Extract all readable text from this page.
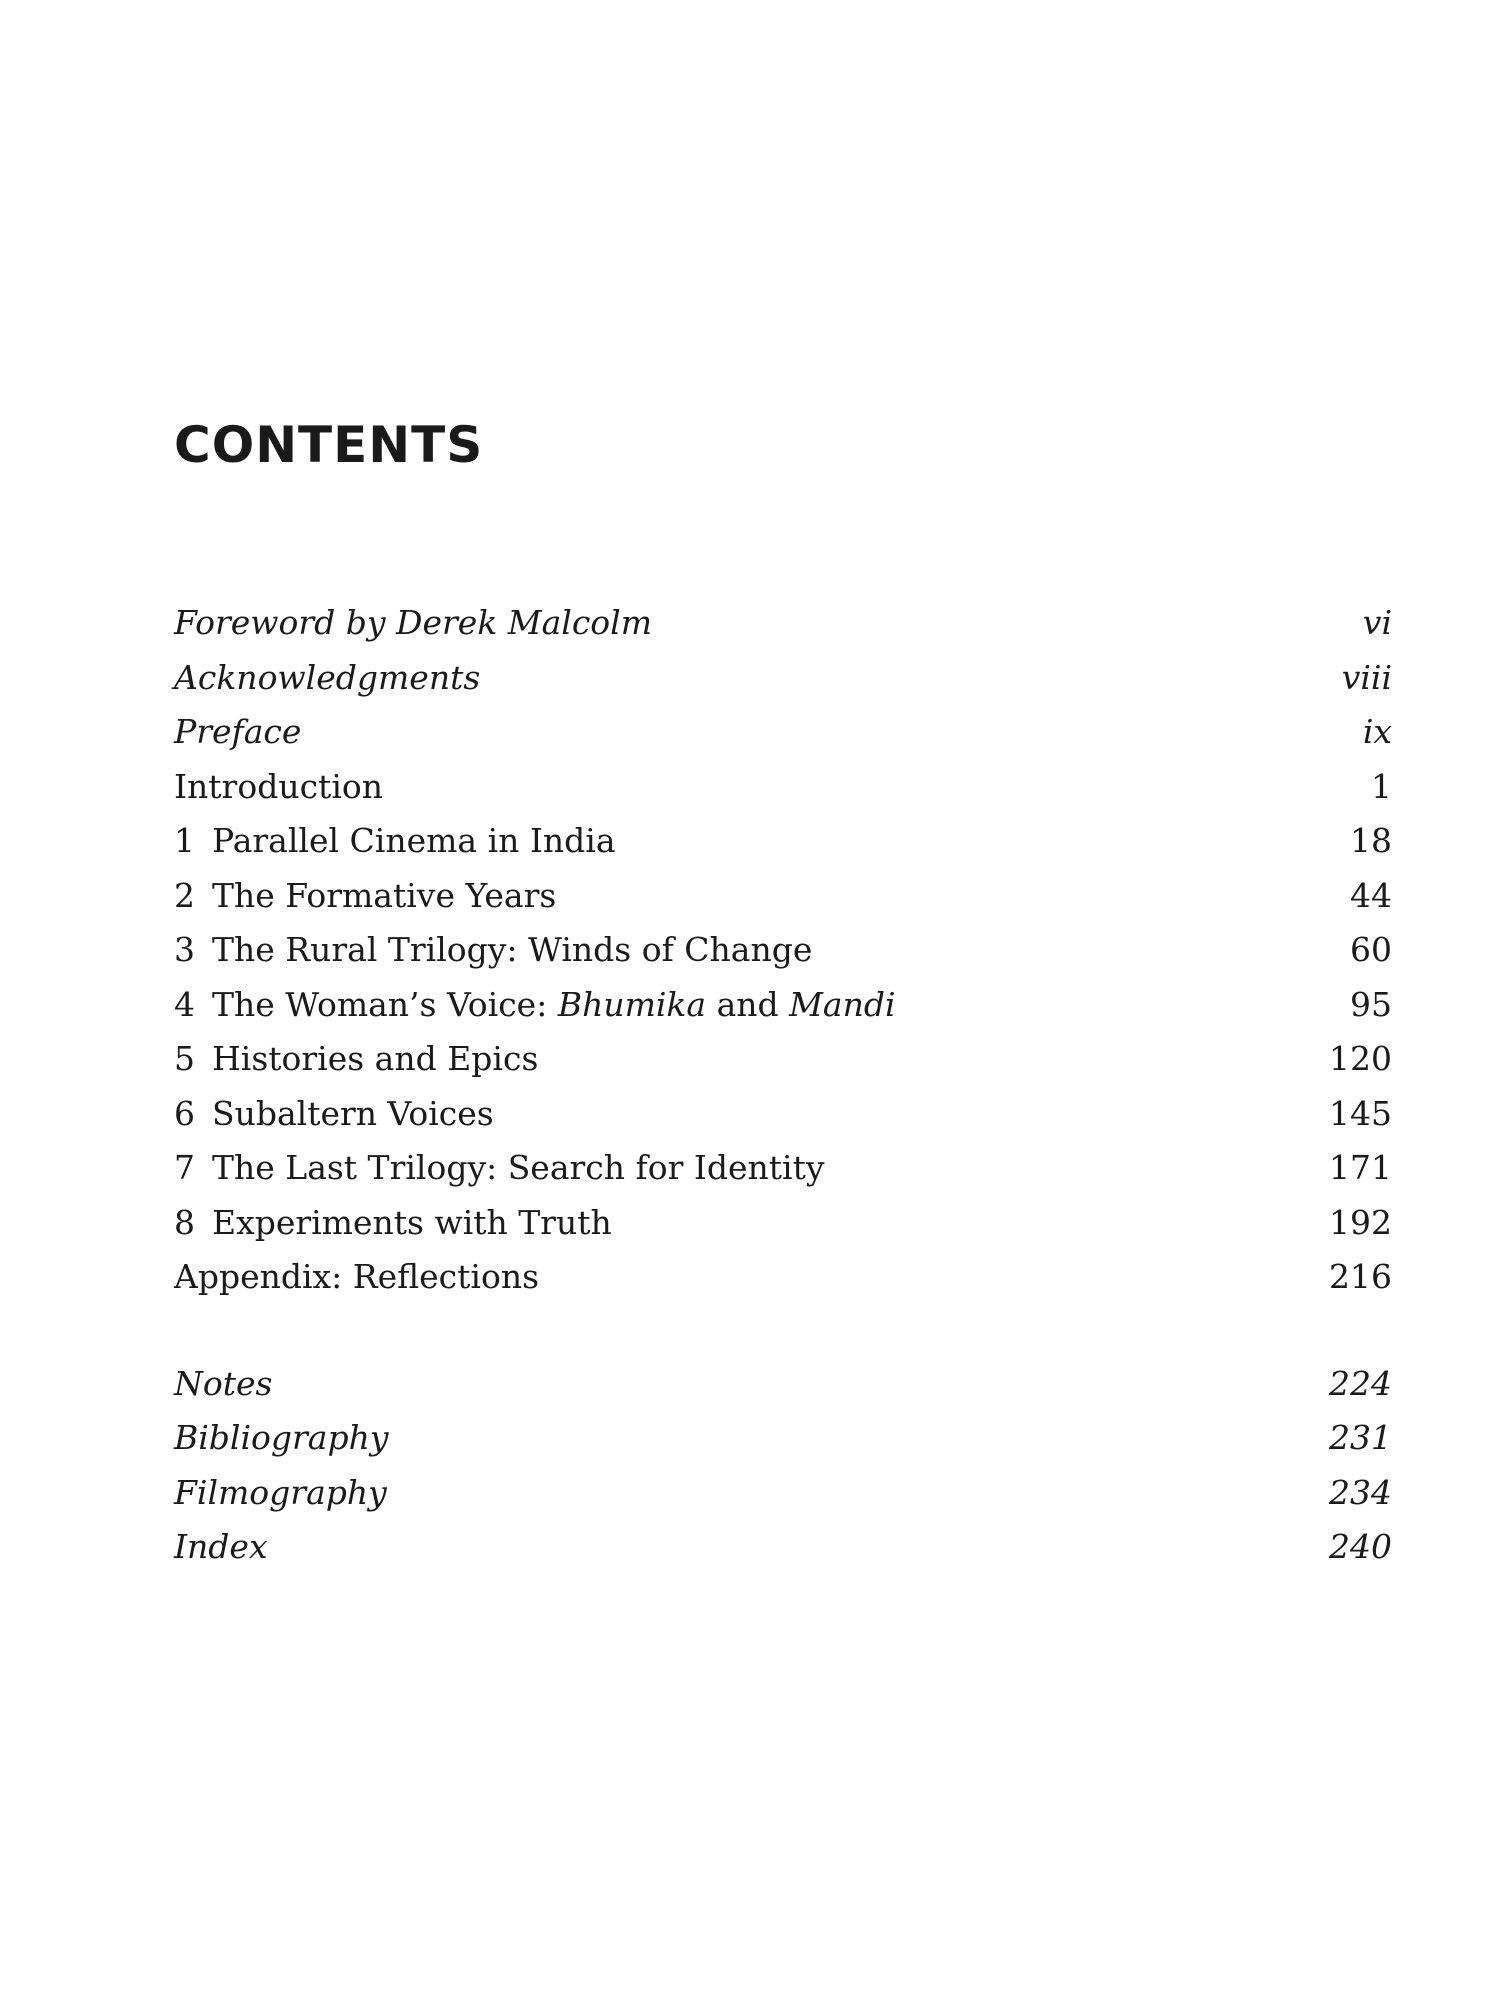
CONTENTS
Foreword by Derek Malcolm	vi
Acknowledgments	viii
Preface	ix
Introduction	1
1 Parallel Cinema in India	18
2 The Formative Years	44
3 The Rural Trilogy: Winds of Change	60
4 The Woman’s Voice: Bhumika and Mandi	95
5 Histories and Epics	120
6 Subaltern Voices	145
7 The Last Trilogy: Search for Identity	171
8 Experiments with Truth	192
Appendix: Reflections	216
Notes	224
Bibliography	231
Filmography	234
Index	240
